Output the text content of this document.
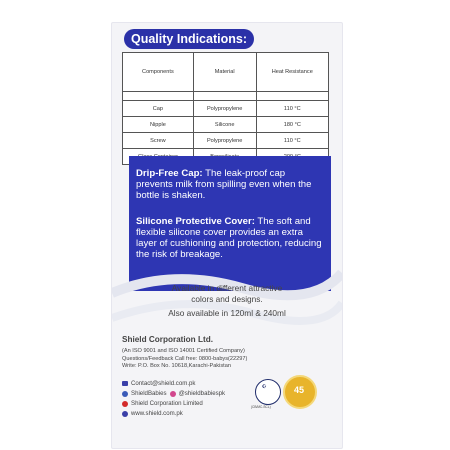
Quality Indications:
Components	Material	Heat Resistance

Cap	Polypropylene	110 °C
Nipple	Silicone	180 °C
Screw	Polypropylene	110 °C

Drip-Free Cap: The leak-proof cap prevents milk from spilling even when the bottle is shaken.
Silicone Protective Cover: The soft and flexible silicone cover provides an extra layer of cushioning and protection, reducing the risk of breakage.
Available in different attractive
colors and designs.
Also available in 120ml & 240ml
Shield Corporation Ltd.
(An ISO 9001 and ISO 14001 Certified Company)
Questions/Feedback Call free: 0800-babys(22297)
Write: P.O. Box No. 10618,Karachi-Pakistan
Contact@shield.com.pk
ShieldBabies @shieldbabiespk
Shield Corporation Limited
www.shield.com.pk
☪
(CB/MC-SCL)
45
